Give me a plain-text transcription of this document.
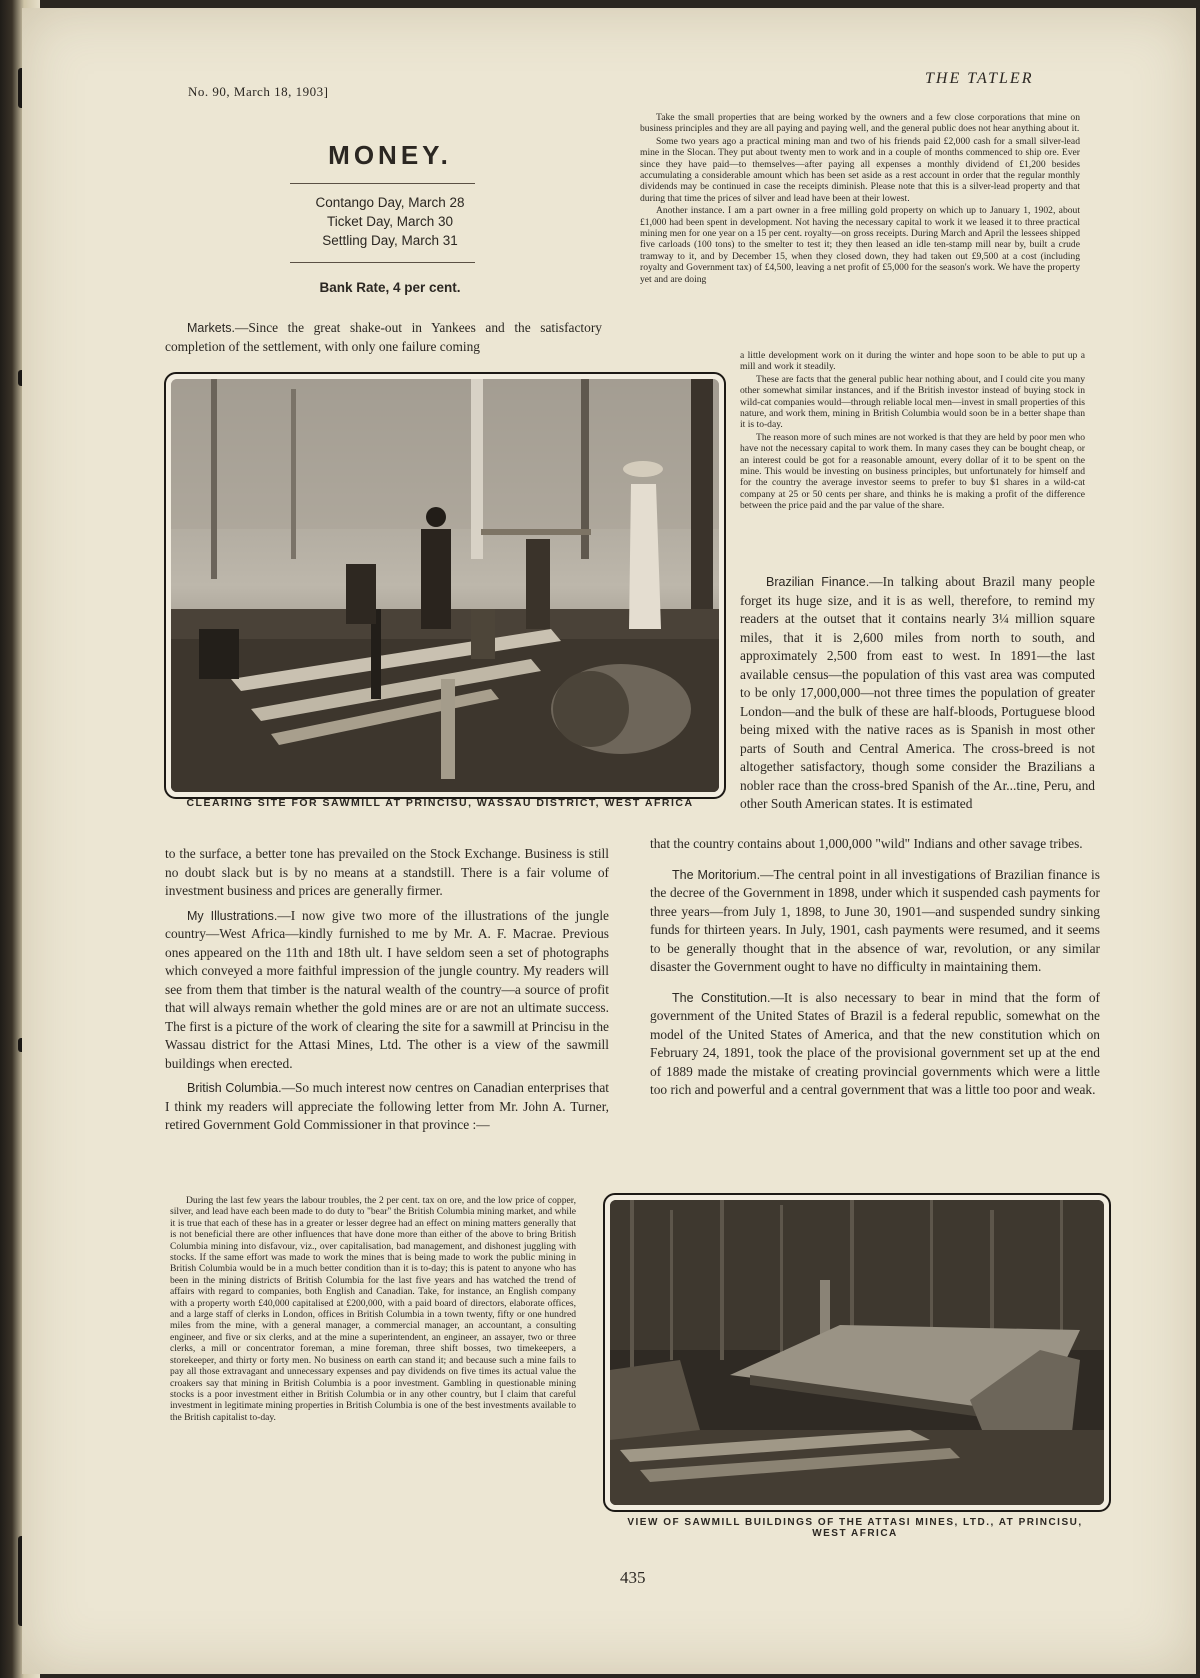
No. 90, March 18, 1903]
THE TATLER
MONEY.
Contango Day, March 28
Ticket Day, March 30
Settling Day, March 31
Bank Rate, 4 per cent.

Markets.—Since the great shake-out in Yankees and the satisfactory completion of the settlement, with only one failure coming

CLEARING SITE FOR SAWMILL AT PRINCISU, WASSAU DISTRICT, WEST AFRICA

to the surface, a better tone has prevailed on the Stock Exchange. Business is still no doubt slack but is by no means at a standstill. There is a fair volume of investment business and prices are generally firmer.

My Illustrations.—I now give two more of the illustrations of the jungle country—West Africa—kindly furnished to me by Mr. A. F. Macrae. Previous ones appeared on the 11th and 18th ult. I have seldom seen a set of photographs which conveyed a more faithful impression of the jungle country. My readers will see from them that timber is the natural wealth of the country—a source of profit that will always remain whether the gold mines are or are not an ultimate success. The first is a picture of the work of clearing the site for a sawmill at Princisu in the Wassau district for the Attasi Mines, Ltd. The other is a view of the sawmill buildings when erected.

British Columbia.—So much interest now centres on Canadian enterprises that I think my readers will appreciate the following letter from Mr. John A. Turner, retired Government Gold Commissioner in that province :—

During the last few years the labour troubles, the 2 per cent. tax on ore, and the low price of copper, silver, and lead have each been made to do duty to "bear" the British Columbia mining market, and while it is true that each of these has in a greater or lesser degree had an effect on mining matters generally that is not beneficial there are other influences that have done more than either of the above to bring British Columbia mining into disfavour, viz., over capitalisation, bad management, and dishonest juggling with stocks. If the same effort was made to work the mines that is being made to work the public mining in British Columbia would be in a much better condition than it is to-day; this is patent to anyone who has been in the mining districts of British Columbia for the last five years and has watched the trend of affairs with regard to companies, both English and Canadian. Take, for instance, an English company with a property worth £40,000 capitalised at £200,000, with a paid board of directors, elaborate offices, and a large staff of clerks in London, offices in British Columbia in a town twenty, fifty or one hundred miles from the mine, with a general manager, a commercial manager, an accountant, a consulting engineer, and five or six clerks, and at the mine a superintendent, an engineer, an assayer, two or three clerks, a mill or concentrator foreman, a mine foreman, three shift bosses, two timekeepers, a storekeeper, and thirty or forty men. No business on earth can stand it; and because such a mine fails to pay all those extravagant and unnecessary expenses and pay dividends on five times its actual value the croakers say that mining in British Columbia is a poor investment. Gambling in questionable mining stocks is a poor investment either in British Columbia or in any other country, but I claim that careful investment in legitimate mining properties in British Columbia is one of the best investments available to the British capitalist to-day.

Take the small properties that are being worked by the owners and a few close corporations that mine on business principles and they are all paying and paying well, and the general public does not hear anything about it.

Some two years ago a practical mining man and two of his friends paid £2,000 cash for a small silver-lead mine in the Slocan. They put about twenty men to work and in a couple of months commenced to ship ore. Ever since they have paid—to themselves—after paying all expenses a monthly dividend of £1,200 besides accumulating a considerable amount which has been set aside as a rest account in order that the regular monthly dividends may be continued in case the receipts diminish. Please note that this is a silver-lead property and that during that time the prices of silver and lead have been at their lowest.

Another instance. I am a part owner in a free milling gold property on which up to January 1, 1902, about £1,000 had been spent in development. Not having the necessary capital to work it we leased it to three practical mining men for one year on a 15 per cent. royalty—on gross receipts. During March and April the lessees shipped five carloads (100 tons) to the smelter to test it; they then leased an idle ten-stamp mill near by, built a crude tramway to it, and by December 15, when they closed down, they had taken out £9,500 at a cost (including royalty and Government tax) of £4,500, leaving a net profit of £5,000 for the season's work. We have the property yet and are doing

a little development work on it during the winter and hope soon to be able to put up a mill and work it steadily.

These are facts that the general public hear nothing about, and I could cite you many other somewhat similar instances, and if the British investor instead of buying stock in wild-cat companies would—through reliable local men—invest in small properties of this nature, and work them, mining in British Columbia would soon be in a better shape than it is to-day.

The reason more of such mines are not worked is that they are held by poor men who have not the necessary capital to work them. In many cases they can be bought cheap, or an interest could be got for a reasonable amount, every dollar of it to be spent on the mine. This would be investing on business principles, but unfortunately for himself and for the country the average investor seems to prefer to buy $1 shares in a wild-cat company at 25 or 50 cents per share, and thinks he is making a profit of the difference between the price paid and the par value of the share.

Brazilian Finance.—In talking about Brazil many people forget its huge size, and it is as well, therefore, to remind my readers at the outset that it contains nearly 3¼ million square miles, that it is 2,600 miles from north to south, and approximately 2,500 from east to west. In 1891—the last available census—the population of this vast area was computed to be only 17,000,000—not three times the population of greater London—and the bulk of these are half-bloods, Portuguese blood being mixed with the native races as is Spanish in most other parts of South and Central America. The cross-breed is not altogether satisfactory, though some consider the Brazilians a nobler race than the cross-bred Spanish of the Ar...tine, Peru, and other South American states. It is estimated

that the country contains about 1,000,000 "wild" Indians and other savage tribes.

The Moritorium.—The central point in all investigations of Brazilian finance is the decree of the Government in 1898, under which it suspended cash payments for three years—from July 1, 1898, to June 30, 1901—and suspended sundry sinking funds for thirteen years. In July, 1901, cash payments were resumed, and it seems to be generally thought that in the absence of war, revolution, or any similar disaster the Government ought to have no difficulty in maintaining them.

The Constitution.—It is also necessary to bear in mind that the form of government of the United States of Brazil is a federal republic, somewhat on the model of the United States of America, and that the new constitution which on February 24, 1891, took the place of the provisional government set up at the end of 1889 made the mistake of creating provincial governments which were a little too rich and powerful and a central government that was a little too poor and weak.

VIEW OF SAWMILL BUILDINGS OF THE ATTASI MINES, LTD., AT PRINCISU, WEST AFRICA
435
